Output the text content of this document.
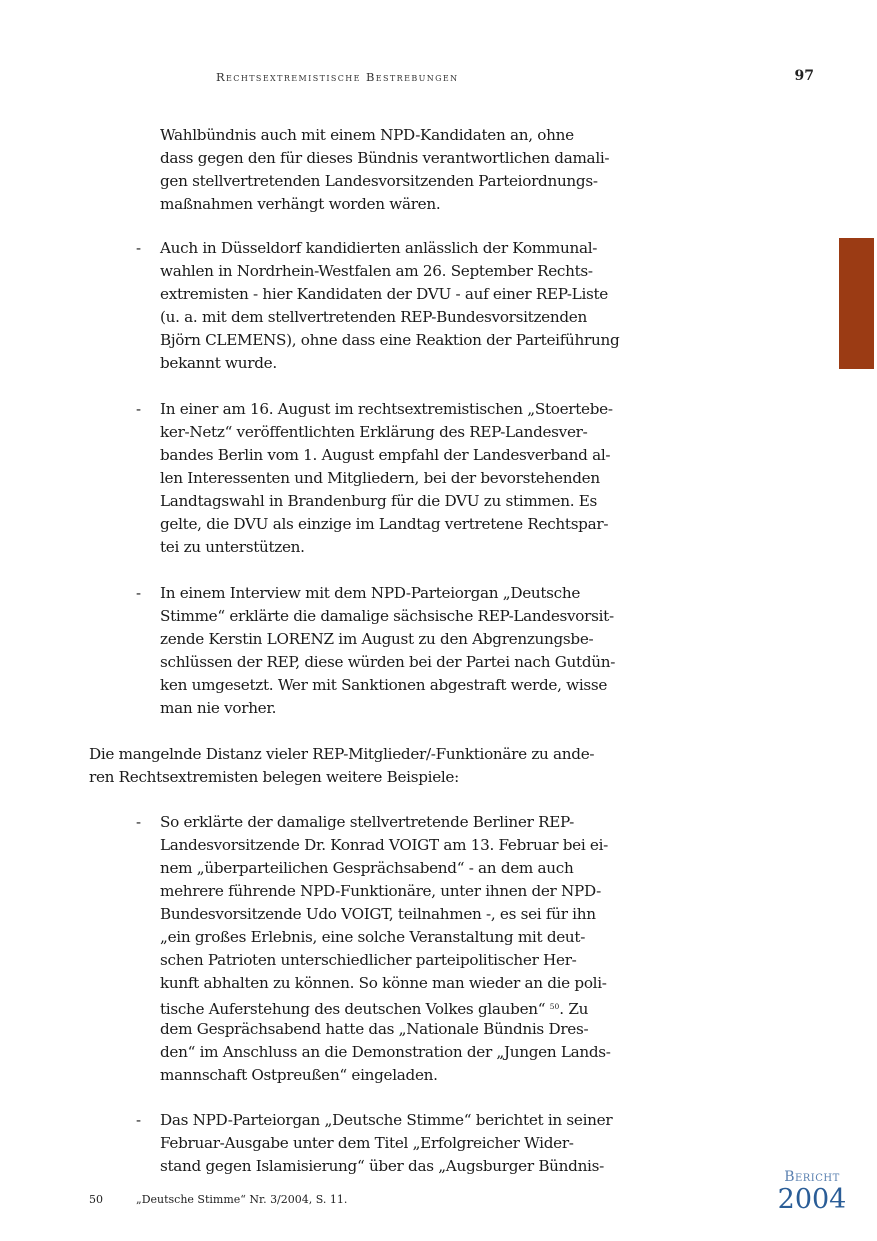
Rechtsextremistische Bestrebungen	97
Wahlbündnis auch mit einem NPD-Kandidaten an, ohne
dass gegen den für dieses Bündnis verantwortlichen damali-
gen stellvertretenden Landesvorsitzenden Parteiordnungs-
maßnahmen verhängt worden wären.
- Auch in Düsseldorf kandidierten anlässlich der Kommunal-
wahlen in Nordrhein-Westfalen am 26. September Rechts-
extremisten - hier Kandidaten der DVU - auf einer REP-Liste
(u. a. mit dem stellvertretenden REP-Bundesvorsitzenden
Björn CLEMENS), ohne dass eine Reaktion der Parteiführung
bekannt wurde.
- In einer am 16. August im rechtsextremistischen „Stoertebe-
ker-Netz“ veröffentlichten Erklärung des REP-Landesver-
bandes Berlin vom 1. August empfahl der Landesverband al-
len Interessenten und Mitgliedern, bei der bevorstehenden
Landtagswahl in Brandenburg für die DVU zu stimmen. Es
gelte, die DVU als einzige im Landtag vertretene Rechtspar-
tei zu unterstützen.
- In einem Interview mit dem NPD-Parteiorgan „Deutsche
Stimme“ erklärte die damalige sächsische REP-Landesvorsit-
zende Kerstin LORENZ im August zu den Abgrenzungsbe-
schlüssen der REP, diese würden bei der Partei nach Gutdün-
ken umgesetzt. Wer mit Sanktionen abgestraft werde, wisse
man nie vorher.
Die mangelnde Distanz vieler REP-Mitglieder/-Funktionäre zu ande-
ren Rechtsextremisten belegen weitere Beispiele:
- So erklärte der damalige stellvertretende Berliner REP-
Landesvorsitzende Dr. Konrad VOIGT am 13. Februar bei ei-
nem „überparteilichen Gesprächsabend“ - an dem auch
mehrere führende NPD-Funktionäre, unter ihnen der NPD-
Bundesvorsitzende Udo VOIGT, teilnahmen -, es sei für ihn
„ein großes Erlebnis, eine solche Veranstaltung mit deut-
schen Patrioten unterschiedlicher parteipolitischer Her-
kunft abhalten zu können. So könne man wieder an die poli-
tische Auferstehung des deutschen Volkes glauben“ $^{50}$. Zu
dem Gesprächsabend hatte das „Nationale Bündnis Dres-
den“ im Anschluss an die Demonstration der „Jungen Lands-
mannschaft Ostpreußen“ eingeladen.
- Das NPD-Parteiorgan „Deutsche Stimme“ berichtet in seiner
Februar-Ausgabe unter dem Titel „Erfolgreicher Wider-
stand gegen Islamisierung“ über das „Augsburger Bündnis-
50	„Deutsche Stimme“ Nr. 3/2004, S. 11.
Bericht
2004
